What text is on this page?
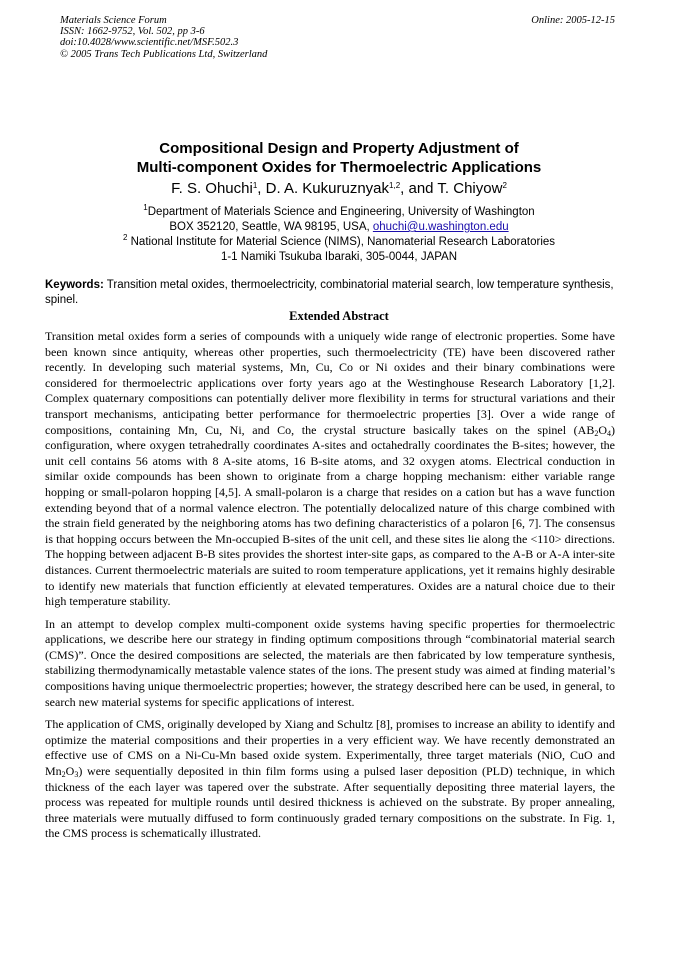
Materials Science Forum
ISSN: 1662-9752, Vol. 502, pp 3-6
doi:10.4028/www.scientific.net/MSF.502.3
© 2005 Trans Tech Publications Ltd, Switzerland
Online: 2005-12-15
Compositional Design and Property Adjustment of
Multi-component Oxides for Thermoelectric Applications
F. S. Ohuchi$^1$, D. A. Kukuruznyak$^{1,2}$, and T. Chiyow$^2$
$^1$Department of Materials Science and Engineering, University of Washington
BOX 352120, Seattle, WA 98195, USA, ohuchi@u.washington.edu
$^2$ National Institute for Material Science (NIMS), Nanomaterial Research Laboratories
1-1 Namiki Tsukuba Ibaraki, 305-0044, JAPAN
Keywords: Transition metal oxides, thermoelectricity, combinatorial material search, low temperature synthesis, spinel.
Extended Abstract

Transition metal oxides form a series of compounds with a uniquely wide range of electronic properties. Some have been known since antiquity, whereas other properties, such thermoelectricity (TE) have been discovered rather recently. In developing such material systems, Mn, Cu, Co or Ni oxides and their binary combinations were considered for thermoelectric applications over forty years ago at the Westinghouse Research Laboratory [1,2]. Complex quaternary compositions can potentially deliver more flexibility in terms for structural variations and their transport mechanisms, anticipating better performance for thermoelectric properties [3]. Over a wide range of compositions, containing Mn, Cu, Ni, and Co, the crystal structure basically takes on the spinel $(AB_2O_4)$ configuration, where oxygen tetrahedrally coordinates A-sites and octahedrally coordinates the B-sites; however, the unit cell contains 56 atoms with 8 A-site atoms, 16 B-site atoms, and 32 oxygen atoms. Electrical conduction in similar oxide compounds has been shown to originate from a charge hopping mechanism: either variable range hopping or small-polaron hopping [4,5]. A small-polaron is a charge that resides on a cation but has a wave function extending beyond that of a normal valence electron. The potentially delocalized nature of this charge combined with the strain field generated by the neighboring atoms has two defining characteristics of a polaron [6, 7]. The consensus is that hopping occurs between the Mn-occupied B-sites of the unit cell, and these sites lie along the <110> directions. The hopping between adjacent B-B sites provides the shortest inter-site gaps, as compared to the A-B or A-A inter-site distances. Current thermoelectric materials are suited to room temperature applications, yet it remains highly desirable to identify new materials that function efficiently at elevated temperatures. Oxides are a natural choice due to their high temperature stability.

In an attempt to develop complex multi-component oxide systems having specific properties for thermoelectric applications, we describe here our strategy in finding optimum compositions through “combinatorial material search (CMS)”. Once the desired compositions are selected, the materials are then fabricated by low temperature synthesis, stabilizing thermodynamically metastable valence states of the ions. The present study was aimed at finding material’s compositions having unique thermoelectric properties; however, the strategy described here can be used, in general, to search new material systems for specific applications of interest.

The application of CMS, originally developed by Xiang and Schultz [8], promises to increase an ability to identify and optimize the material compositions and their properties in a very efficient way. We have recently demonstrated an effective use of CMS on a Ni-Cu-Mn based oxide system. Experimentally, three target materials (NiO, CuO and $Mn_2O_3$) were sequentially deposited in thin film forms using a pulsed laser deposition (PLD) technique, in which thickness of the each layer was tapered over the substrate. After sequentially depositing three material layers, the process was repeated for multiple rounds until desired thickness is achieved on the substrate. By proper annealing, three materials were mutually diffused to form continuously graded ternary compositions on the substrate. In Fig. 1, the CMS process is schematically illustrated.
